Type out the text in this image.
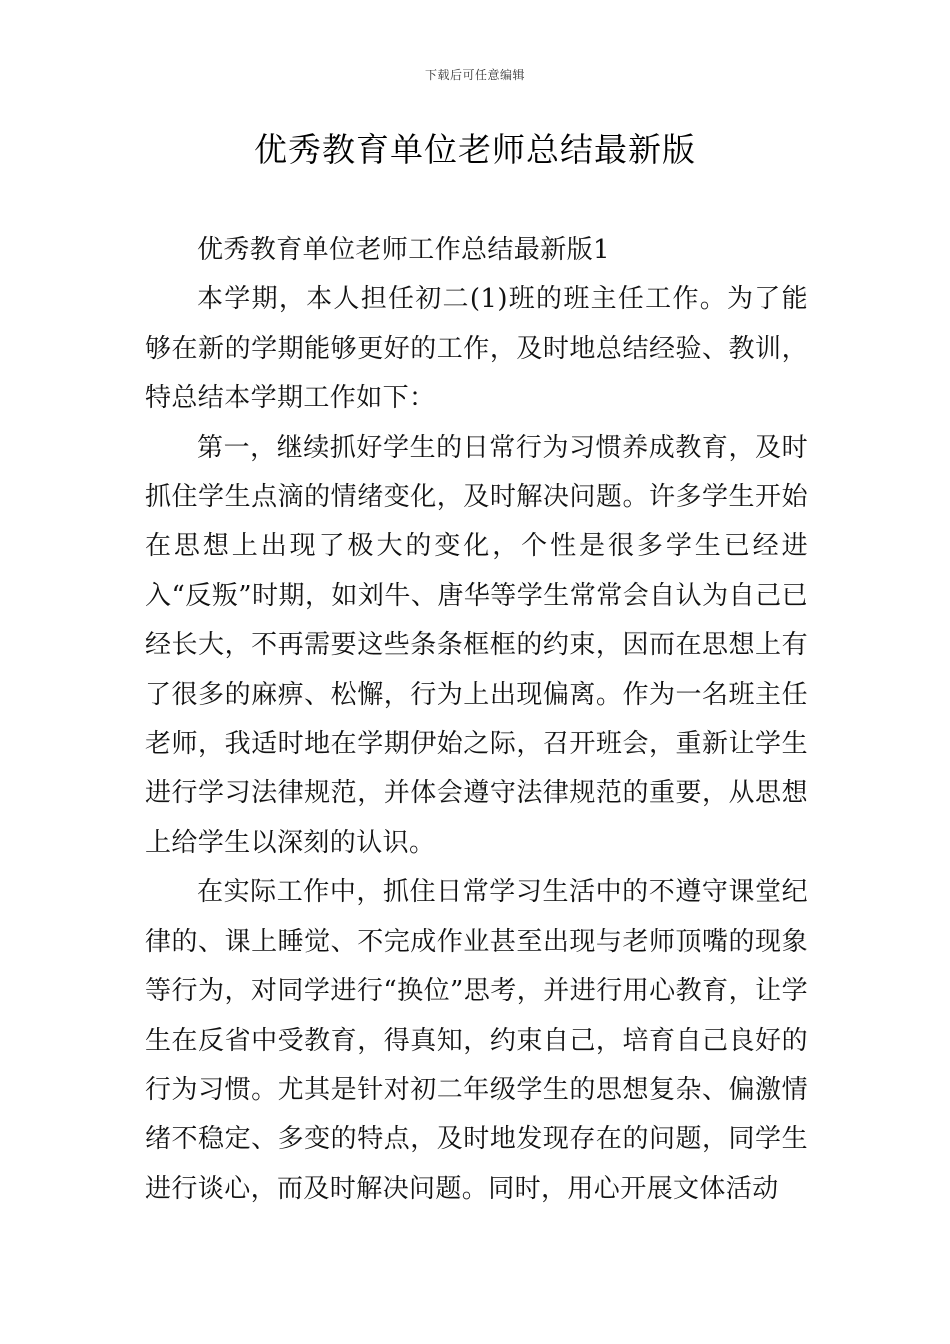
下载后可任意编辑
优秀教育单位老师总结最新版

优秀教育单位老师工作总结最新版1

本学期，本人担任初二(1)班的班主任工作。为了能够在新的学期能够更好的工作，及时地总结经验、教训，特总结本学期工作如下：

第一，继续抓好学生的日常行为习惯养成教育，及时抓住学生点滴的情绪变化，及时解决问题。许多学生开始在思想上出现了极大的变化，个性是很多学生已经进入“反叛”时期，如刘牛、唐华等学生常常会自认为自己已经长大，不再需要这些条条框框的约束，因而在思想上有了很多的麻痹、松懈，行为上出现偏离。作为一名班主任老师，我适时地在学期伊始之际，召开班会，重新让学生进行学习法律规范，并体会遵守法律规范的重要，从思想上给学生以深刻的认识。

在实际工作中，抓住日常学习生活中的不遵守课堂纪律的、课上睡觉、不完成作业甚至出现与老师顶嘴的现象等行为，对同学进行“换位”思考，并进行用心教育，让学生在反省中受教育，得真知，约束自己，培育自己良好的行为习惯。尤其是针对初二年级学生的思想复杂、偏激情绪不稳定、多变的特点，及时地发现存在的问题，同学生进行谈心，而及时解决问题。同时，用心开展文体活动
